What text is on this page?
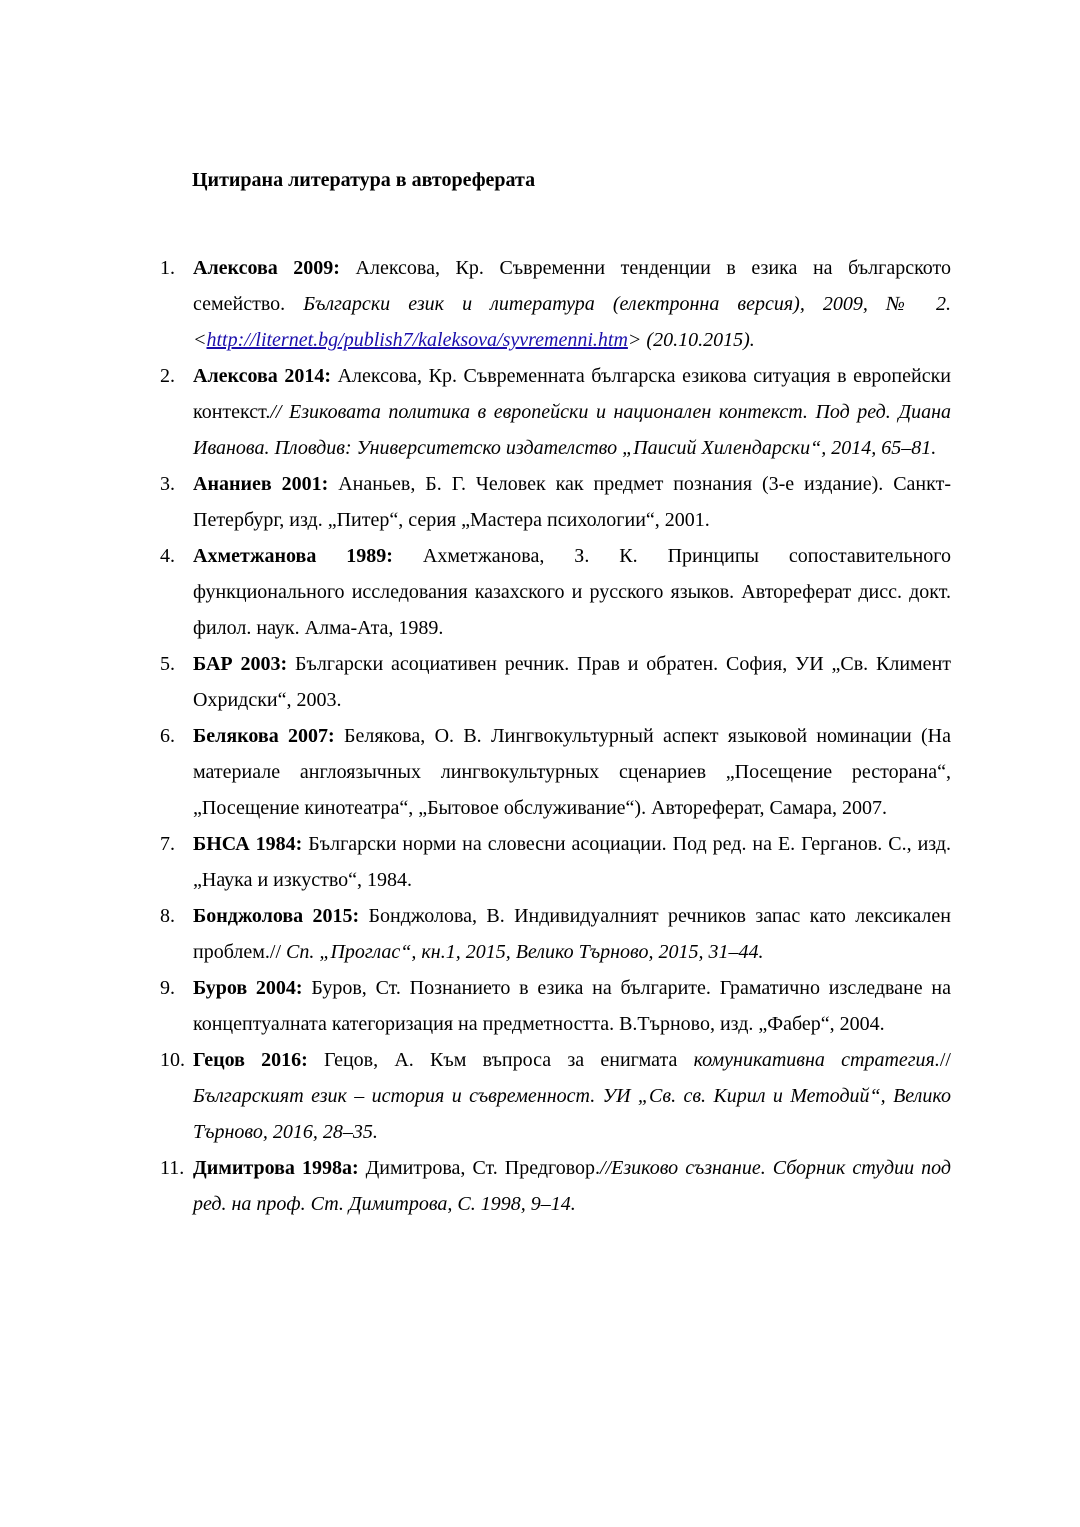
Цитирана литература в автореферата
1. Алексова 2009: Алексова, Кр. Съвременни тенденции в езика на българското семейство. Български език и литература (електронна версия), 2009, № 2. <http://liternet.bg/publish7/kaleksova/syvremenni.htm> (20.10.2015).
2. Алексова 2014: Алексова, Кр. Съвременната българска езикова ситуация в европейски контекст.// Езиковата политика в европейски и национален контекст. Под ред. Диана Иванова. Пловдив: Университетско издателство „Паисий Хилендарски“, 2014, 65–81.
3. Ананиев 2001: Ананьев, Б. Г. Человек как предмет познания (3-е издание). Санкт-Петербург, изд. „Питер“, серия „Мастера психологии“, 2001.
4. Ахметжанова 1989: Ахметжанова, З. К. Принципы сопоставительного функционального исследования казахского и русского языков. Автореферат дисс. докт. филол. наук. Алма-Ата, 1989.
5. БАР 2003: Български асоциативен речник. Прав и обратен. София, УИ „Св. Климент Охридски“, 2003.
6. Белякова 2007: Белякова, О. В. Лингвокультурный аспект языковой номинации (На материале англоязычных лингвокультурных сценариев „Посещение ресторана“, „Посещение кинотеатра“, „Бытовое обслуживание“). Автореферат, Самара, 2007.
7. БНСА 1984: Български норми на словесни асоциации. Под ред. на Е. Герганов. С., изд. „Наука и изкуство“, 1984.
8. Бонджолова 2015: Бонджолова, В. Индивидуалният речников запас като лексикален проблем.// Сп. „Проглас“, кн.1, 2015, Велико Търново, 2015, 31–44.
9. Буров 2004: Буров, Ст. Познанието в езика на българите. Граматично изследване на концептуалната категоризация на предметността. В.Търново, изд. „Фабер“, 2004.
10. Гецов 2016: Гецов, А. Към въпроса за енигмата комуникативна стратегия.// Българският език – история и съвременност. УИ „Св. св. Кирил и Методий“, Велико Търново, 2016, 28–35.
11. Димитрова 1998а: Димитрова, Ст. Предговор.//Езиково съзнание. Сборник студии под ред. на проф. Ст. Димитрова, С. 1998, 9–14.
